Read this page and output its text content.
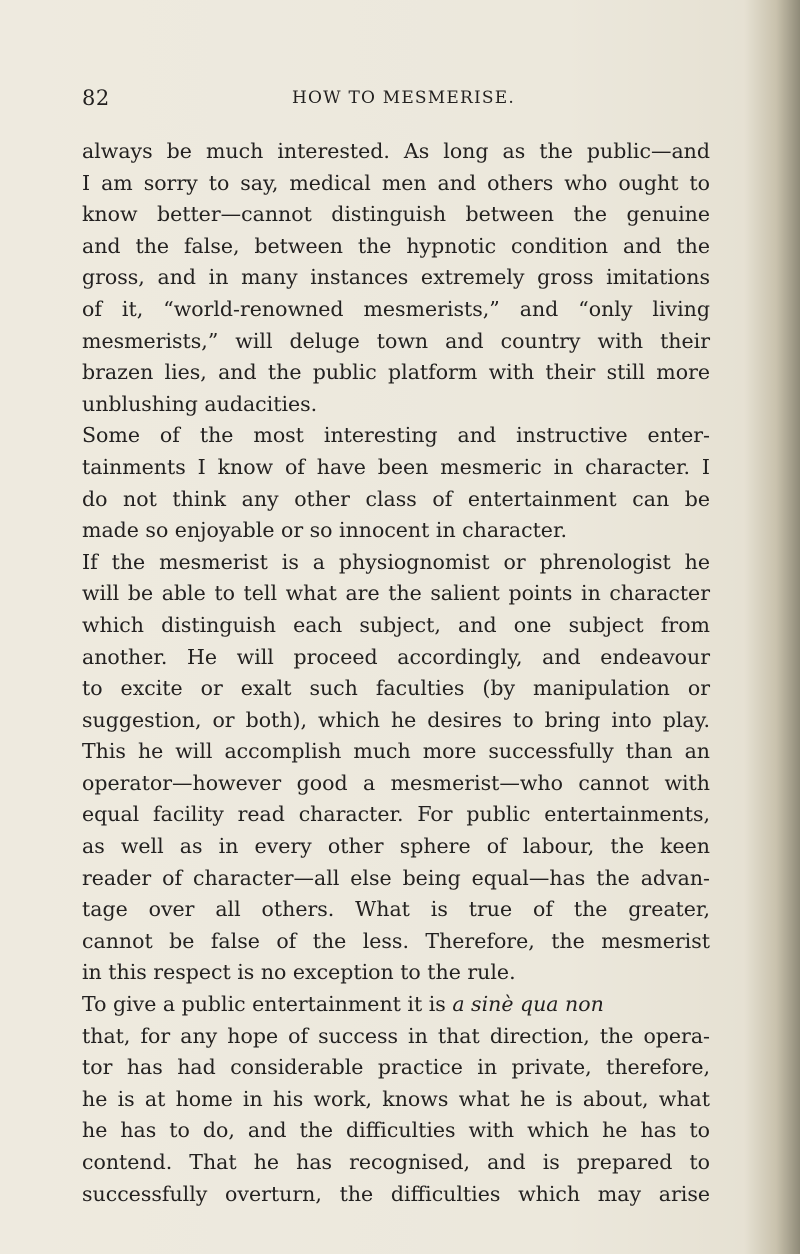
82	HOW TO MESMERISE.
always be much interested. As long as the public—and
I am sorry to say, medical men and others who ought to
know better—cannot distinguish between the genuine
and the false, between the hypnotic condition and the
gross, and in many instances extremely gross imitations
of it, “world-renowned mesmerists,” and “only living
mesmerists,” will deluge town and country with their
brazen lies, and the public platform with their still more
unblushing audacities.
Some of the most interesting and instructive enter-
tainments I know of have been mesmeric in character. I
do not think any other class of entertainment can be
made so enjoyable or so innocent in character.
If the mesmerist is a physiognomist or phrenologist he
will be able to tell what are the salient points in character
which distinguish each subject, and one subject from
another. He will proceed accordingly, and endeavour
to excite or exalt such faculties (by manipulation or
suggestion, or both), which he desires to bring into play.
This he will accomplish much more successfully than an
operator—however good a mesmerist—who cannot with
equal facility read character. For public entertainments,
as well as in every other sphere of labour, the keen
reader of character—all else being equal—has the advan-
tage over all others. What is true of the greater,
cannot be false of the less. Therefore, the mesmerist
in this respect is no exception to the rule.
To give a public entertainment it is a sinè qua non
that, for any hope of success in that direction, the opera-
tor has had considerable practice in private, therefore,
he is at home in his work, knows what he is about, what
he has to do, and the difficulties with which he has to
contend. That he has recognised, and is prepared to
successfully overturn, the difficulties which may arise
